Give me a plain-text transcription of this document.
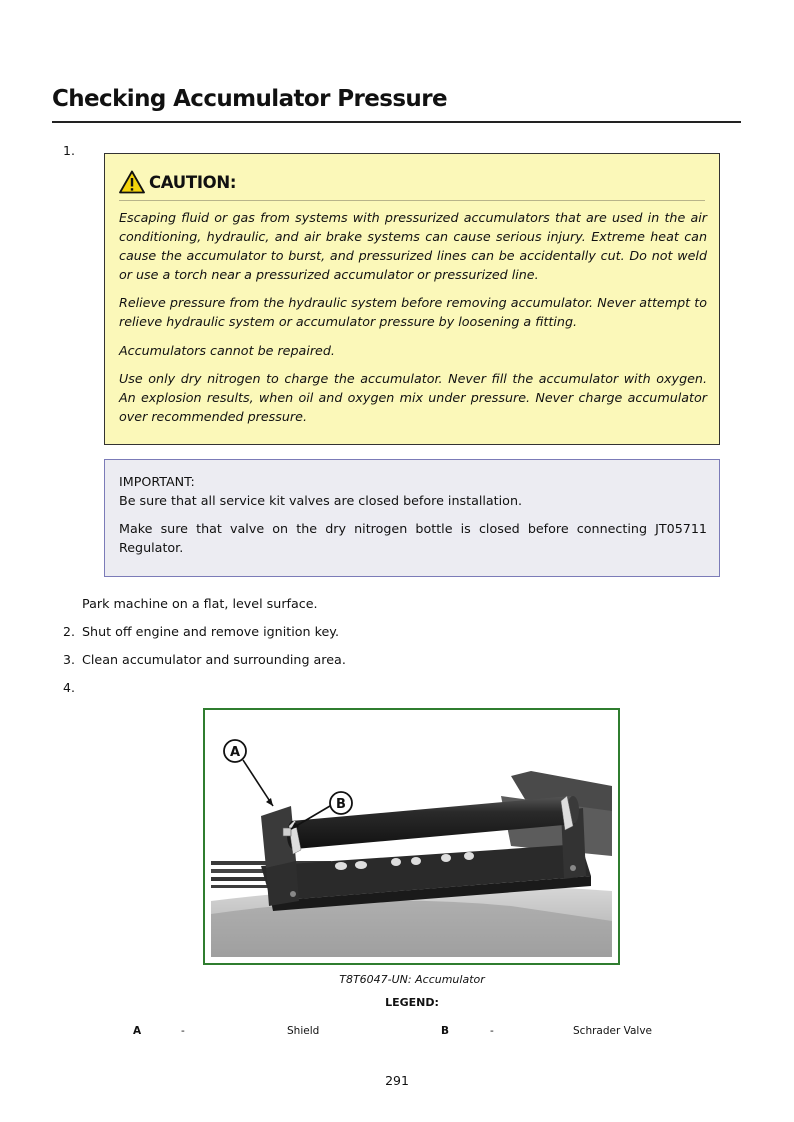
Checking Accumulator Pressure
1.
CAUTION:

Escaping fluid or gas from systems with pressurized accumulators that are used in the air conditioning, hydraulic, and air brake systems can cause serious injury. Extreme heat can cause the accumulator to burst, and pressurized lines can be accidentally cut. Do not weld or use a torch near a pressurized accumulator or pressurized line.

Relieve pressure from the hydraulic system before removing accumulator. Never attempt to relieve hydraulic system or accumulator pressure by loosening a fitting.

Accumulators cannot be repaired.

Use only dry nitrogen to charge the accumulator. Never fill the accumulator with oxygen. An explosion results, when oil and oxygen mix under pressure. Never charge accumulator over recommended pressure.

IMPORTANT:

Be sure that all service kit valves are closed before installation.

Make sure that valve on the dry nitrogen bottle is closed before connecting JT05711 Regulator.

Park machine on a flat, level surface.
2. Shut off engine and remove ignition key.
3. Clean accumulator and surrounding area.
4.
A
B
T8T6047-UN: Accumulator
LEGEND:
A	-	Shield	B	-	Schrader Valve
291
